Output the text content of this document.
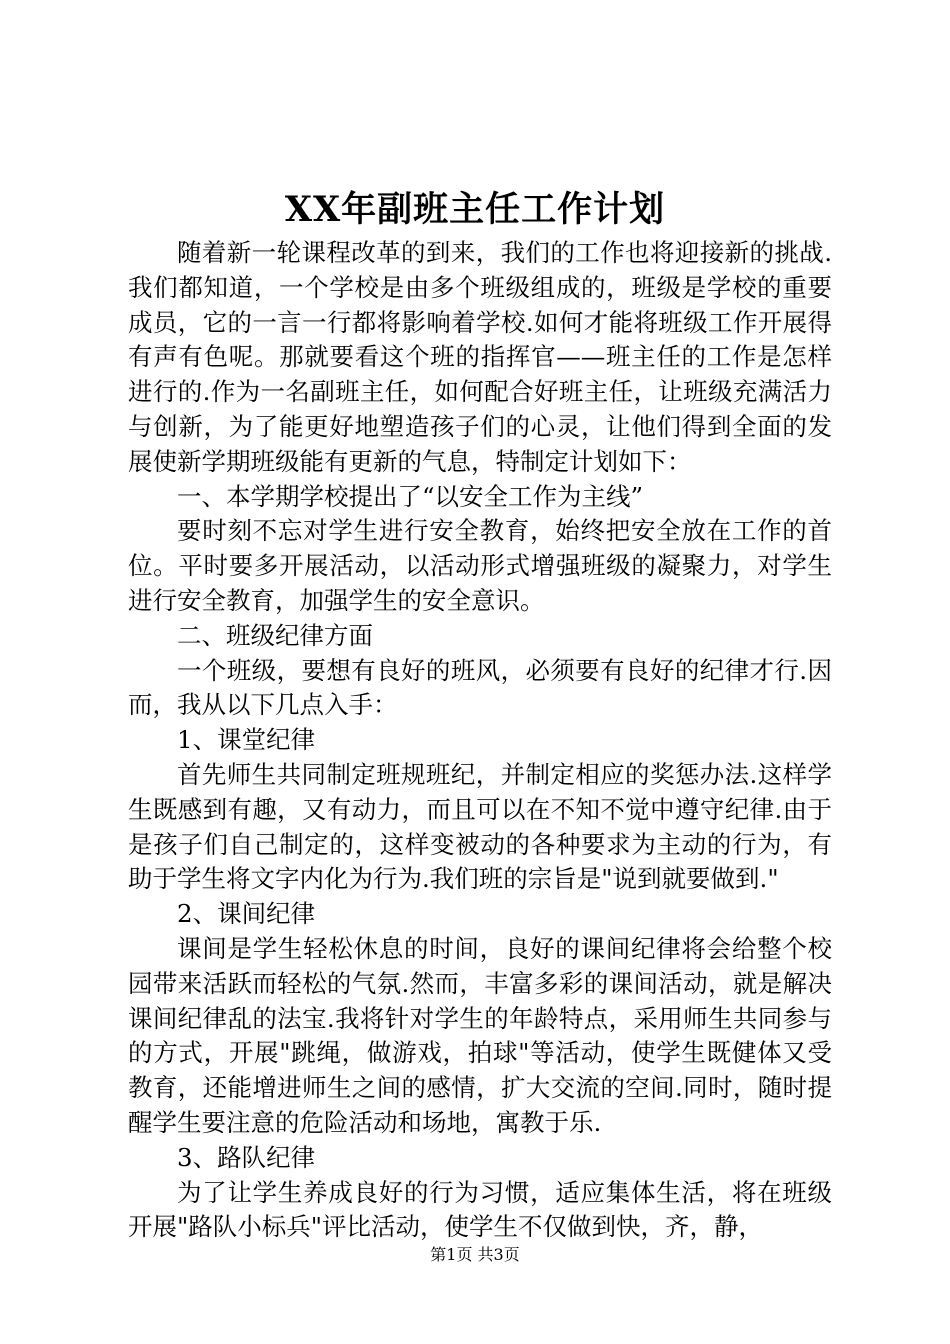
XX年副班主任工作计划

随着新一轮课程改革的到来，我们的工作也将迎接新的挑战.我们都知道，一个学校是由多个班级组成的，班级是学校的重要成员，它的一言一行都将影响着学校.如何才能将班级工作开展得有声有色呢。那就要看这个班的指挥官——班主任的工作是怎样进行的.作为一名副班主任，如何配合好班主任，让班级充满活力与创新，为了能更好地塑造孩子们的心灵，让他们得到全面的发展使新学期班级能有更新的气息，特制定计划如下：

一、本学期学校提出了“以安全工作为主线”

要时刻不忘对学生进行安全教育，始终把安全放在工作的首位。平时要多开展活动，以活动形式增强班级的凝聚力，对学生进行安全教育，加强学生的安全意识。

二、班级纪律方面

一个班级，要想有良好的班风，必须要有良好的纪律才行.因而，我从以下几点入手：

1、课堂纪律

首先师生共同制定班规班纪，并制定相应的奖惩办法.这样学生既感到有趣，又有动力，而且可以在不知不觉中遵守纪律.由于是孩子们自己制定的，这样变被动的各种要求为主动的行为，有助于学生将文字内化为行为.我们班的宗旨是"说到就要做到."

2、课间纪律

课间是学生轻松休息的时间，良好的课间纪律将会给整个校园带来活跃而轻松的气氛.然而，丰富多彩的课间活动，就是解决课间纪律乱的法宝.我将针对学生的年龄特点，采用师生共同参与的方式，开展"跳绳，做游戏，拍球"等活动，使学生既健体又受教育，还能增进师生之间的感情，扩大交流的空间.同时，随时提醒学生要注意的危险活动和场地，寓教于乐.

3、路队纪律

为了让学生养成良好的行为习惯，适应集体生活，将在班级开展"路队小标兵"评比活动，使学生不仅做到快，齐，静，

第1页 共3页
